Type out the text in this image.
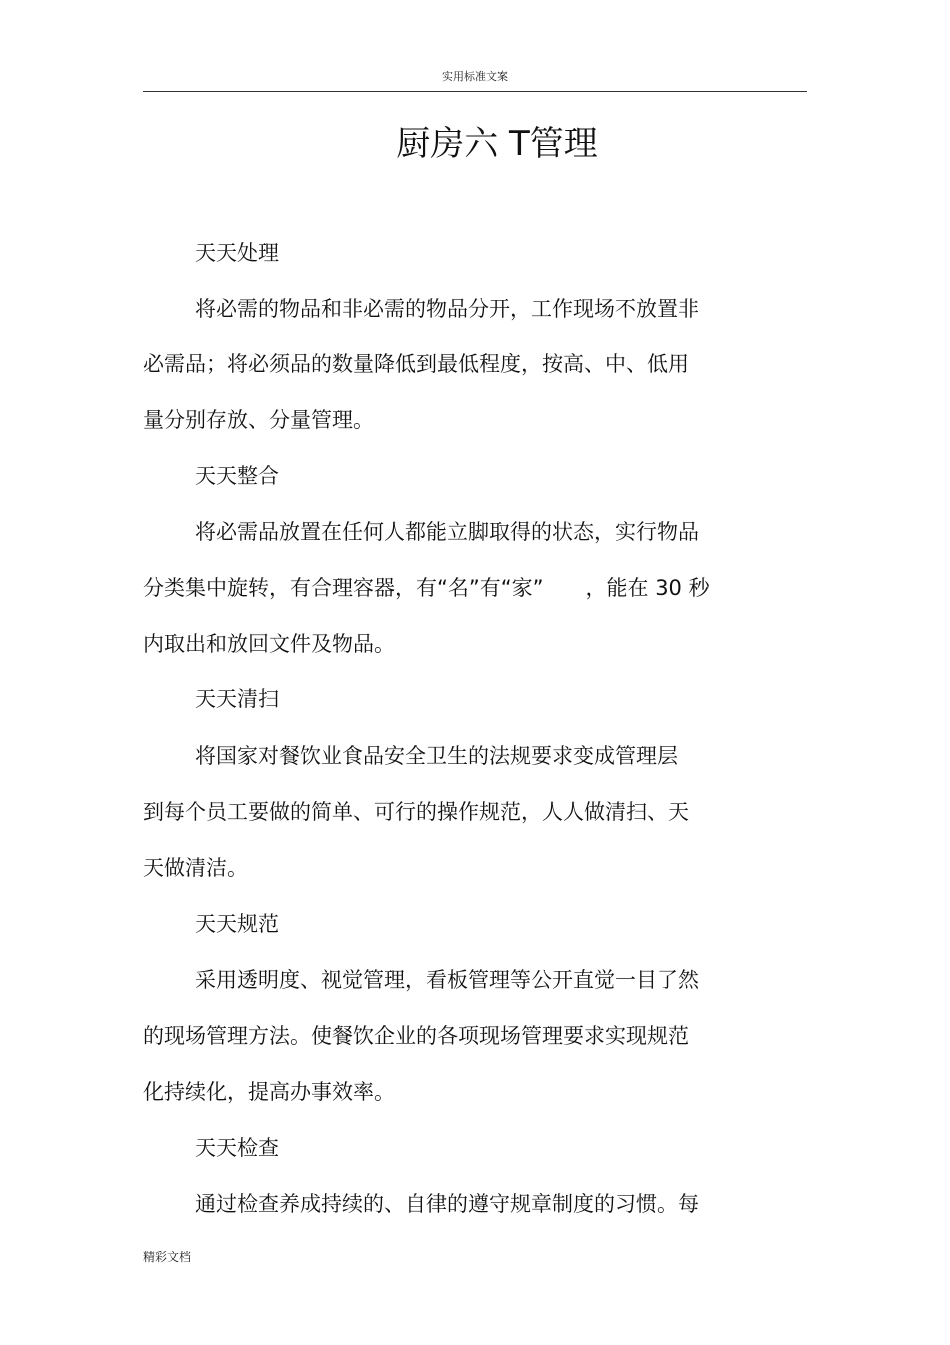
实用标准文案
厨房六 T管理
天天处理
将必需的物品和非必需的物品分开，工作现场不放置非
必需品；将必须品的数量降低到最低程度，按高、中、低用
量分别存放、分量管理。
天天整合
将必需品放置在任何人都能立脚取得的状态，实行物品
分类集中旋转，有合理容器，有“名”有“家”　　，能在 30 秒
内取出和放回文件及物品。
天天清扫
将国家对餐饮业食品安全卫生的法规要求变成管理层
到每个员工要做的简单、可行的操作规范，人人做清扫、天
天做清洁。
天天规范
采用透明度、视觉管理，看板管理等公开直觉一目了然
的现场管理方法。使餐饮企业的各项现场管理要求实现规范
化持续化，提高办事效率。
天天检查
通过检查养成持续的、自律的遵守规章制度的习惯。每
精彩文档
